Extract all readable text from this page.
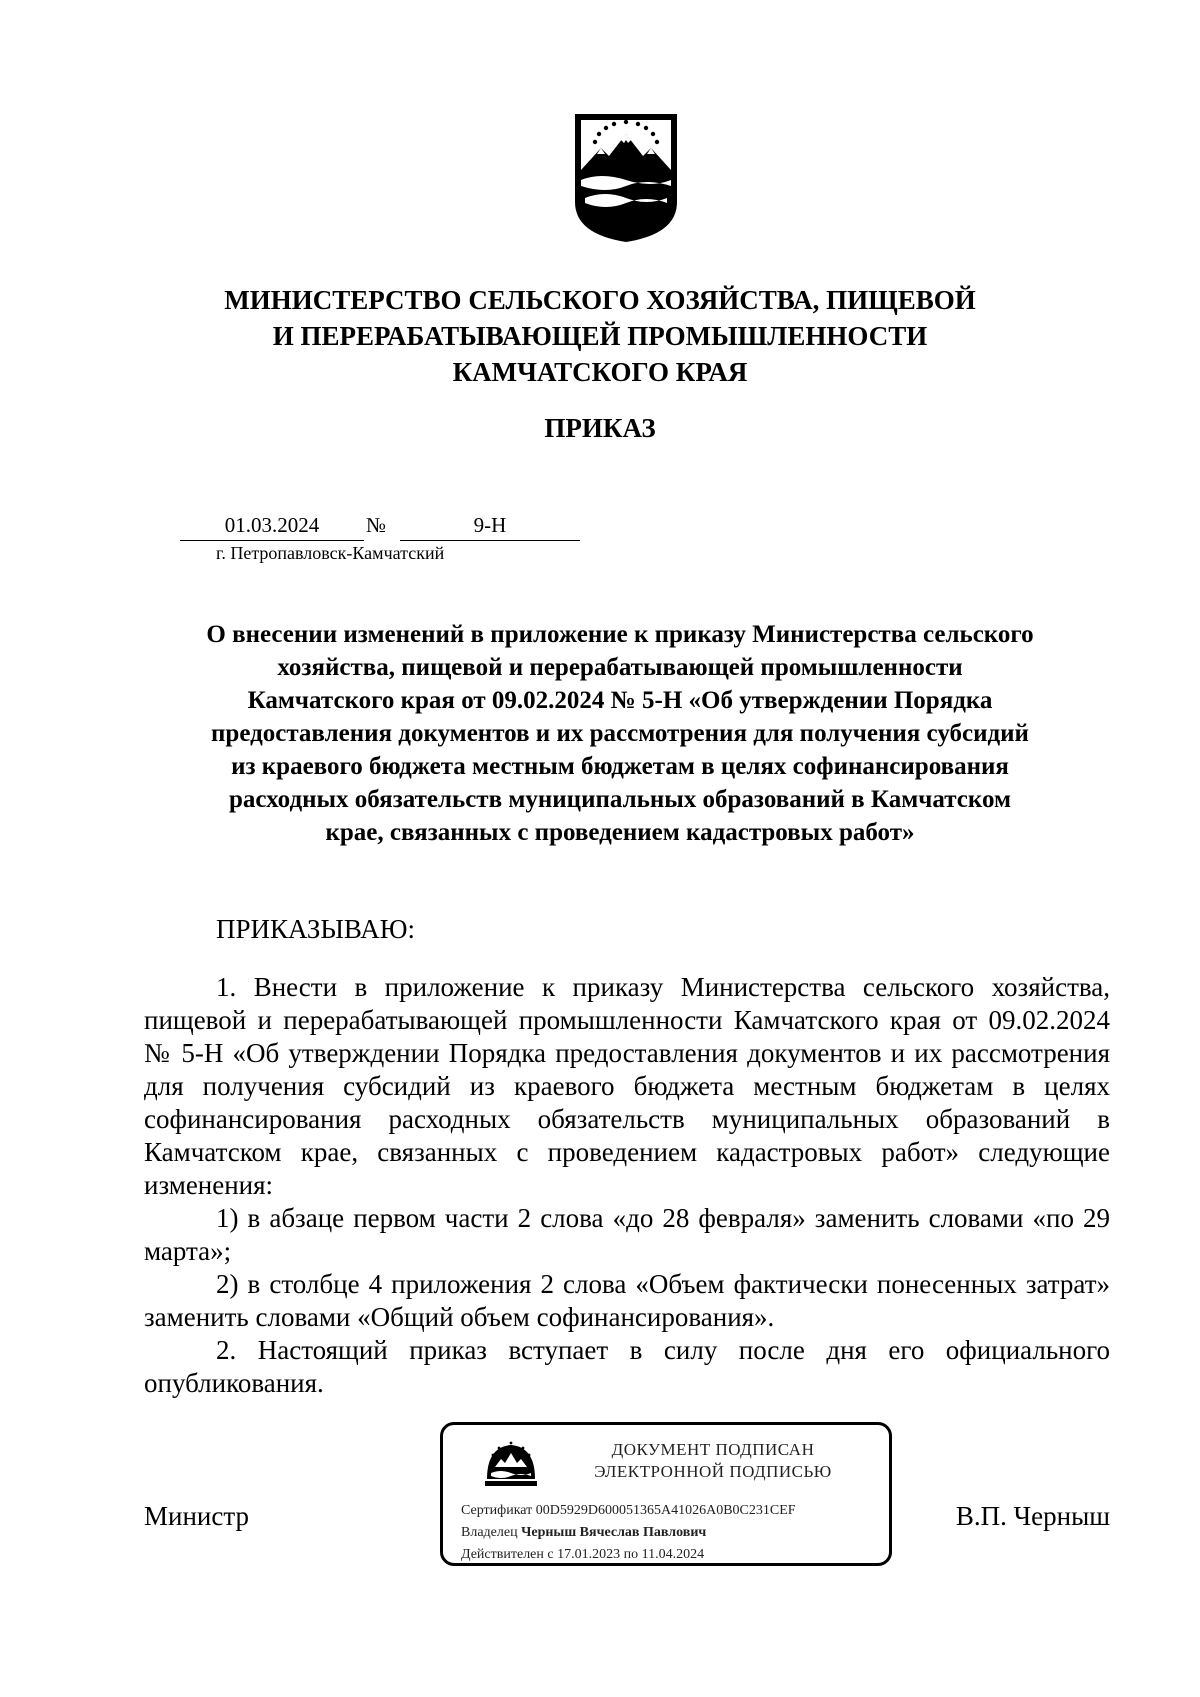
МИНИСТЕРСТВО СЕЛЬСКОГО ХОЗЯЙСТВА, ПИЩЕВОЙ
И ПЕРЕРАБАТЫВАЮЩЕЙ ПРОМЫШЛЕННОСТИ
КАМЧАТСКОГО КРАЯ
ПРИКАЗ
01.03.2024	№	9-Н
г. Петропавловск-Камчатский
О внесении изменений в приложение к приказу Министерства сельского
хозяйства, пищевой и перерабатывающей промышленности
Камчатского края от 09.02.2024 № 5-Н «Об утверждении Порядка
предоставления документов и их рассмотрения для получения субсидий
из краевого бюджета местным бюджетам в целях софинансирования
расходных обязательств муниципальных образований в Камчатском
крае, связанных с проведением кадастровых работ»
ПРИКАЗЫВАЮ:

1. Внести в приложение к приказу Министерства сельского хозяйства, пищевой и перерабатывающей промышленности Камчатского края от 09.02.2024 № 5-Н «Об утверждении Порядка предоставления документов и их рассмотрения для получения субсидий из краевого бюджета местным бюджетам в целях софинансирования расходных обязательств муниципальных образований в Камчатском крае, связанных с проведением кадастровых работ» следующие изменения:

1) в абзаце первом части 2 слова «до 28 февраля» заменить словами «по 29 марта»;

2) в столбце 4 приложения 2 слова «Объем фактически понесенных затрат» заменить словами «Общий объем софинансирования».

2. Настоящий приказ вступает в силу после дня его официального опубликования.

Министр	В.П. Черныш
ДОКУМЕНТ ПОДПИСАН
ЭЛЕКТРОННОЙ ПОДПИСЬЮ
Сертификат 00D5929D600051365A41026A0B0C231CEF
Владелец Черныш Вячеслав Павлович
Действителен с 17.01.2023 по 11.04.2024
